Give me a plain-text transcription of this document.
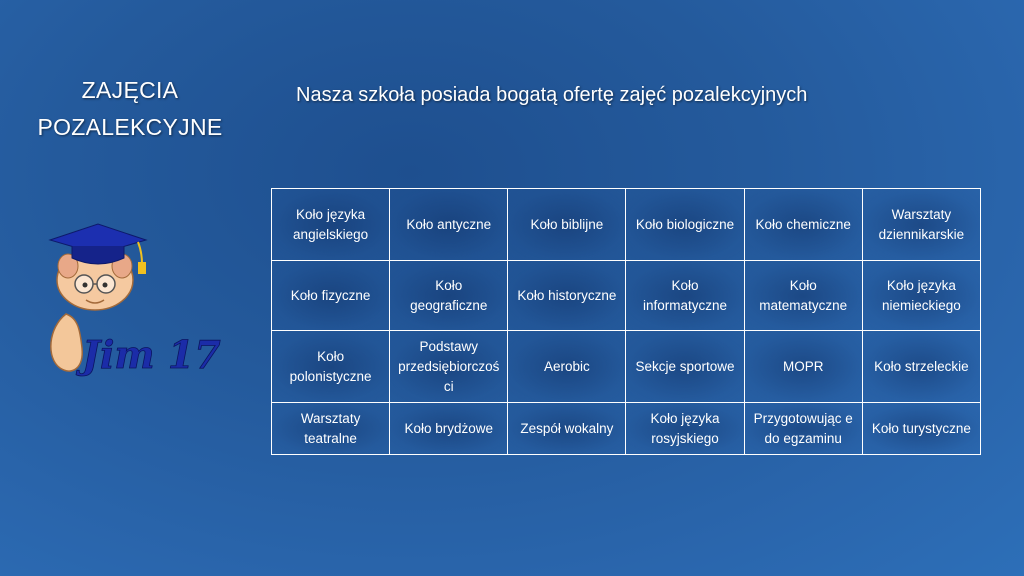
ZAJĘCIA
POZALEKCYJNE
Nasza szkoła posiada bogatą ofertę zajęć pozalekcyjnych
Jim 17
Koło języka angielskiego	Koło antyczne	Koło biblijne	Koło biologiczne	Koło chemiczne	Warsztaty dziennikarskie
Koło fizyczne	Koło geograficzne	Koło historyczne	Koło informatyczne	Koło matematyczne	Koło języka niemieckiego
Koło polonistyczne	Podstawy przedsiębiorczości	Aerobic	Sekcje sportowe	MOPR	Koło strzeleckie
Warsztaty teatralne	Koło brydżowe	Zespół wokalny	Koło języka rosyjskiego	Przygotowując e do egzaminu	Koło turystyczne
